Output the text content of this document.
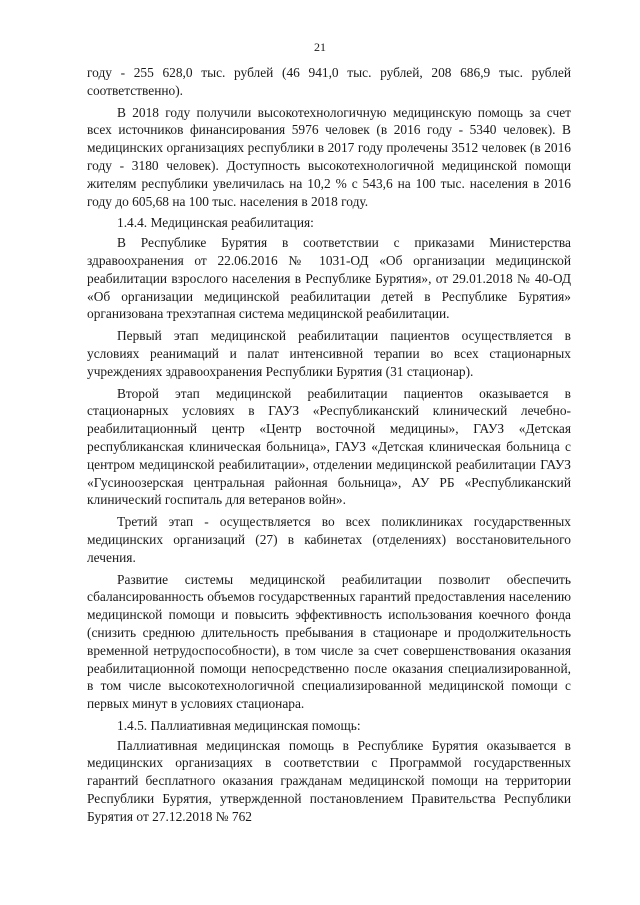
21

году - 255 628,0 тыс. рублей (46 941,0 тыс. рублей, 208 686,9 тыс. рублей соответственно).

В 2018 году получили высокотехнологичную медицинскую помощь за счет всех источников финансирования 5976 человек (в 2016 году - 5340 человек). В медицинских организациях республики в 2017 году пролечены 3512 человек (в 2016 году - 3180 человек). Доступность высокотехнологичной медицинской помощи жителям республики увеличилась на 10,2 % с 543,6 на 100 тыс. населения в 2016 году до 605,68 на 100 тыс. населения в 2018 году.

1.4.4. Медицинская реабилитация:

В Республике Бурятия в соответствии с приказами Министерства здравоохранения от 22.06.2016 № 1031-ОД «Об организации медицинской реабилитации взрослого населения в Республике Бурятия», от 29.01.2018 № 40-ОД «Об организации медицинской реабилитации детей в Республике Бурятия» организована трехэтапная система медицинской реабилитации.

Первый этап медицинской реабилитации пациентов осуществляется в условиях реанимаций и палат интенсивной терапии во всех стационарных учреждениях здравоохранения Республики Бурятия (31 стационар).

Второй этап медицинской реабилитации пациентов оказывается в стационарных условиях в ГАУЗ «Республиканский клинический лечебно-реабилитационный центр «Центр восточной медицины», ГАУЗ «Детская республиканская клиническая больница», ГАУЗ «Детская клиническая больница с центром медицинской реабилитации», отделении медицинской реабилитации ГАУЗ «Гусиноозерская центральная районная больница», АУ РБ «Республиканский клинический госпиталь для ветеранов войн».

Третий этап - осуществляется во всех поликлиниках государственных медицинских организаций (27) в кабинетах (отделениях) восстановительного лечения.

Развитие системы медицинской реабилитации позволит обеспечить сбалансированность объемов государственных гарантий предоставления населению медицинской помощи и повысить эффективность использования коечного фонда (снизить среднюю длительность пребывания в стационаре и продолжительность временной нетрудоспособности), в том числе за счет совершенствования оказания реабилитационной помощи непосредственно после оказания специализированной, в том числе высокотехнологичной специализированной медицинской помощи с первых минут в условиях стационара.

1.4.5. Паллиативная медицинская помощь:

Паллиативная медицинская помощь в Республике Бурятия оказывается в медицинских организациях в соответствии с Программой государственных гарантий бесплатного оказания гражданам медицинской помощи на территории Республики Бурятия, утвержденной постановлением Правительства Республики Бурятия от 27.12.2018 № 762
